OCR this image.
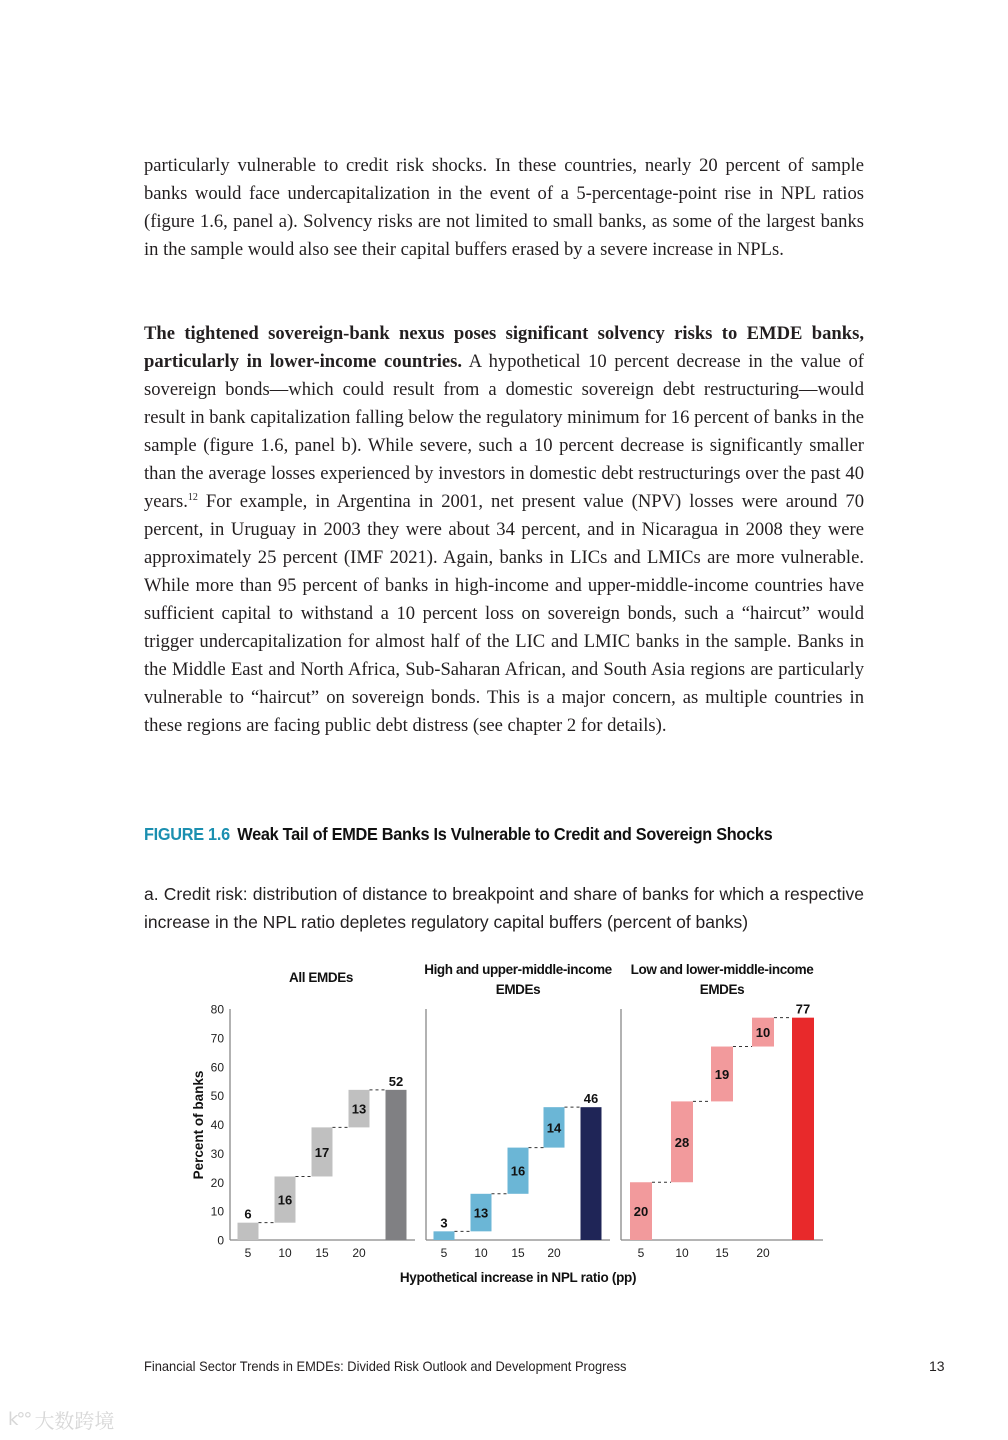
particularly vulnerable to credit risk shocks. In these countries, nearly 20 percent of sample banks would face undercapitalization in the event of a 5-percentage-point rise in NPL ratios (figure 1.6, panel a). Solvency risks are not limited to small banks, as some of the largest banks in the sample would also see their capital buffers erased by a severe increase in NPLs.

The tightened sovereign-bank nexus poses significant solvency risks to EMDE banks, particularly in lower-income countries. A hypothetical 10 percent decrease in the value of sovereign bonds—which could result from a domestic sovereign debt restructuring—would result in bank capitalization falling below the regulatory minimum for 16 percent of banks in the sample (figure 1.6, panel b). While severe, such a 10 percent decrease is significantly smaller than the average losses experienced by investors in domestic debt restructurings over the past 40 years.$^{12}$ For example, in Argentina in 2001, net present value (NPV) losses were around 70 percent, in Uruguay in 2003 they were about 34 percent, and in Nicaragua in 2008 they were approximately 25 percent (IMF 2021). Again, banks in LICs and LMICs are more vulnerable. While more than 95 percent of banks in high-income and upper-middle-income countries have sufficient capital to withstand a 10 percent loss on sovereign bonds, such a “haircut” would trigger undercapitalization for almost half of the LIC and LMIC banks in the sample. Banks in the Middle East and North Africa, Sub-Saharan African, and South Asia regions are particularly vulnerable to “haircut” on sovereign bonds. This is a major concern, as multiple countries in these regions are facing public debt distress (see chapter 2 for details).

FIGURE 1.6 Weak Tail of EMDE Banks Is Vulnerable to Credit and Sovereign Shocks
a. Credit risk: distribution of distance to breakpoint and share of banks for which a respective increase in the NPL ratio depletes regulatory capital buffers (percent of banks)
Percent of banks
0
10
20
30
40
50
60
70
80
All EMDEs
6
16
17
13
52
5 10 15 20
High and upper-middle-income
EMDEs
3
13
16
14
46
5 10 15 20
Low and lower-middle-income
EMDEs
20
28
19
10
77
5	10 15 20
Hypothetical increase in NPL ratio (pp)
Financial Sector Trends in EMDEs: Divided Risk Outlook and Development Progress	13
k°° 大数跨境
